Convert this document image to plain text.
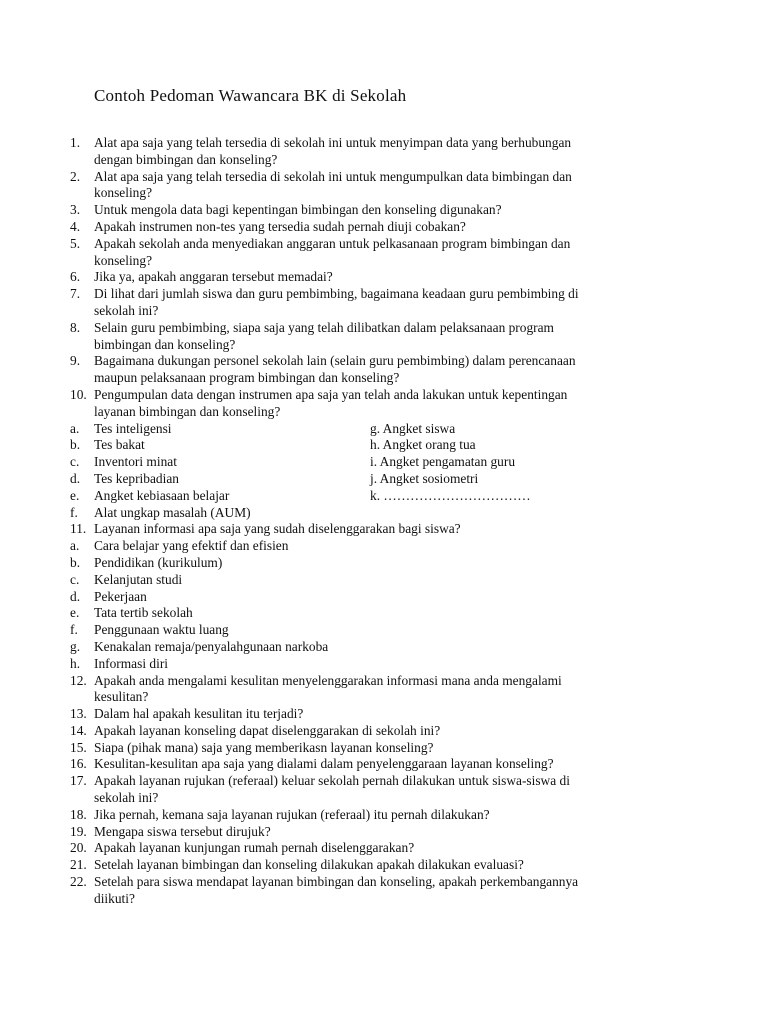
Contoh Pedoman Wawancara BK di Sekolah
1.	Alat apa saja yang telah tersedia di sekolah ini untuk menyimpan data yang berhubungan
dengan bimbingan dan konseling?
2.	Alat apa saja yang telah tersedia di sekolah ini untuk mengumpulkan data bimbingan dan
konseling?
3.	Untuk mengola data bagi kepentingan bimbingan den konseling digunakan?
4.	Apakah instrumen non-tes yang tersedia sudah pernah diuji cobakan?
5.	Apakah sekolah anda menyediakan anggaran untuk pelkasanaan program bimbingan dan
konseling?
6.	Jika ya, apakah anggaran tersebut memadai?
7.	Di lihat dari jumlah siswa dan guru pembimbing, bagaimana keadaan guru pembimbing di
sekolah ini?
8.	Selain guru pembimbing, siapa saja yang telah dilibatkan dalam pelaksanaan program
bimbingan dan konseling?
9.	Bagaimana dukungan personel sekolah lain (selain guru pembimbing) dalam perencanaan
maupun pelaksanaan program bimbingan dan konseling?
10. Pengumpulan data dengan instrumen apa saja yan telah anda lakukan untuk kepentingan
layanan bimbingan dan konseling?
a.	Tes inteligensi	g. Angket siswa
b.	Tes bakat	h. Angket orang tua
c.	Inventori minat	i. Angket pengamatan guru
d.	Tes kepribadian	j. Angket sosiometri
e.	Angket kebiasaan belajar	k. ……………………………
f.	Alat ungkap masalah (AUM)
11. Layanan informasi apa saja yang sudah diselenggarakan bagi siswa?
a.	Cara belajar yang efektif dan efisien
b.	Pendidikan (kurikulum)
c.	Kelanjutan studi
d.	Pekerjaan
e.	Tata tertib sekolah
f.	Penggunaan waktu luang
g.	Kenakalan remaja/penyalahgunaan narkoba
h.	Informasi diri
12. Apakah anda mengalami kesulitan menyelenggarakan informasi mana anda mengalami
kesulitan?
13. Dalam hal apakah kesulitan itu terjadi?
14. Apakah layanan konseling dapat diselenggarakan di sekolah ini?
15. Siapa (pihak mana) saja yang memberikasn layanan konseling?
16. Kesulitan-kesulitan apa saja yang dialami dalam penyelenggaraan layanan konseling?
17. Apakah layanan rujukan (referaal) keluar sekolah pernah dilakukan untuk siswa-siswa di
sekolah ini?
18. Jika pernah, kemana saja layanan rujukan (referaal) itu pernah dilakukan?
19. Mengapa siswa tersebut dirujuk?
20. Apakah layanan kunjungan rumah pernah diselenggarakan?
21. Setelah layanan bimbingan dan konseling dilakukan apakah dilakukan evaluasi?
22. Setelah para siswa mendapat layanan bimbingan dan konseling, apakah perkembangannya
diikuti?
